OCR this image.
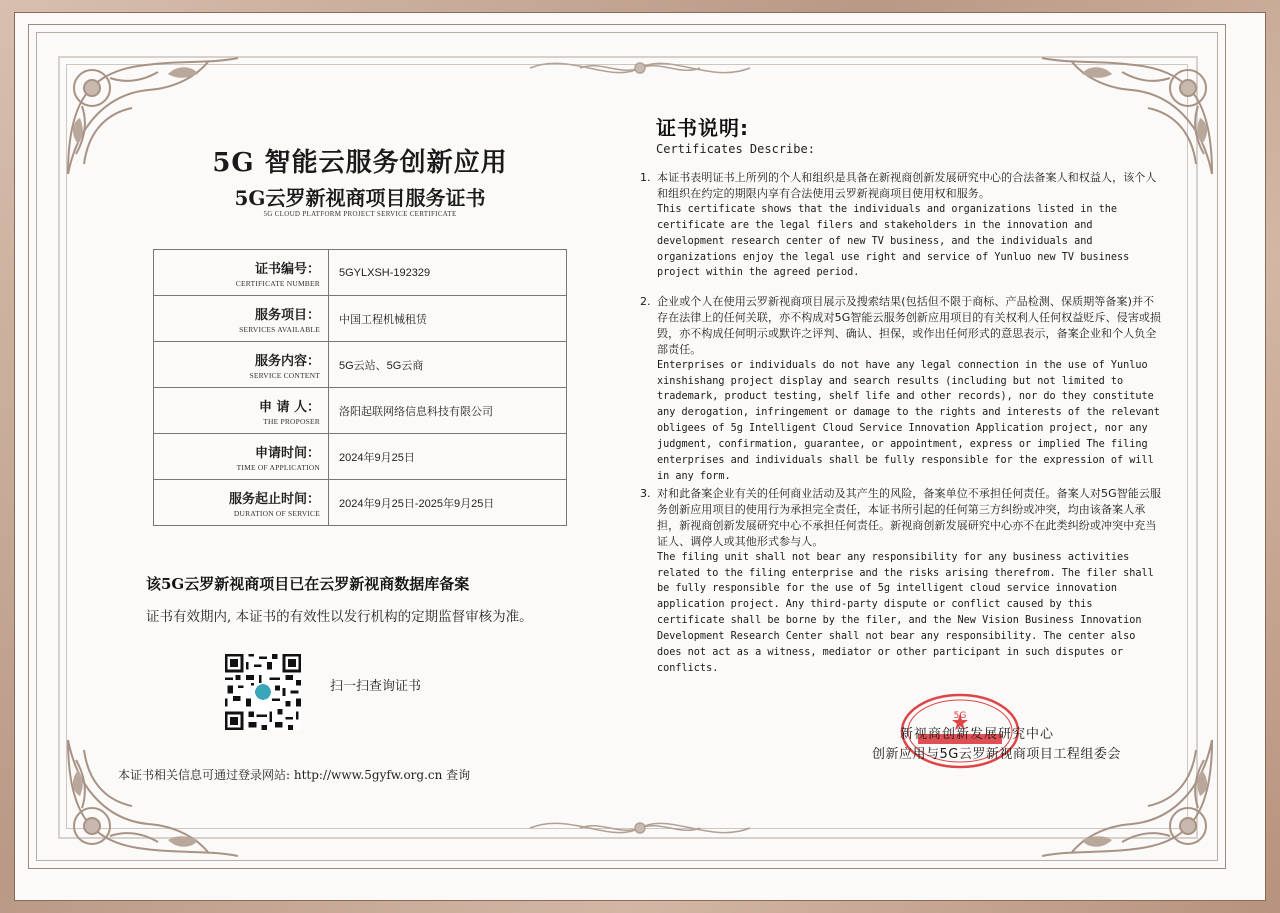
5G 智能云服务创新应用
5G云罗新视商项目服务证书
5G CLOUD PLATFORM PROJECT SERVICE CERTIFICATE
证书编号：
CERTIFICATE NUMBER	5GYLXSH-192329

服务项目：
SERVICES AVAILABLE	中国工程机械租赁

服务内容：
SERVICE CONTENT	5G云站、5G云商

申 请 人：
THE PROPOSER	洛阳起联网络信息科技有限公司

申请时间：
TIME OF APPLICATION	2024年9月25日

服务起止时间：
DURATION OF SERVICE	2024年9月25日-2025年9月25日
该5G云罗新视商项目已在云罗新视商数据库备案
证书有效期内, 本证书的有效性以发行机构的定期监督审核为准。
扫一扫查询证书
本证书相关信息可通过登录网站: http://www.5gyfw.org.cn 查询
证书说明:
Certificates Describe:
1. 本证书表明证书上所列的个人和组织是具备在新视商创新发展研究中心的合法备案人和权益人，该个人和组织在约定的期限内享有合法使用云罗新视商项目使用权和服务。
This certificate shows that the individuals and organizations listed in the certificate are the legal filers and stakeholders in the innovation and development research center of new TV business, and the individuals and organizations enjoy the legal use right and service of Yunluo new TV business project within the agreed period.
2. 企业或个人在使用云罗新视商项目展示及搜索结果(包括但不限于商标、产品检测、保质期等备案)并不存在法律上的任何关联，亦不构成对5G智能云服务创新应用项目的有关权利人任何权益贬斥、侵害或损毁，亦不构成任何明示或默许之评判、确认、担保，或作出任何形式的意思表示，备案企业和个人负全部责任。
Enterprises or individuals do not have any legal connection in the use of Yunluo xinshishang project display and search results (including but not limited to trademark, product testing, shelf life and other records), nor do they constitute any derogation, infringement or damage to the rights and interests of the relevant obligees of 5g Intelligent Cloud Service Innovation Application project, nor any judgment, confirmation, guarantee, or appointment, express or implied The filing enterprises and individuals shall be fully responsible for the expression of will in any form.
3. 对和此备案企业有关的任何商业活动及其产生的风险，备案单位不承担任何责任。备案人对5G智能云服务创新应用项目的使用行为承担完全责任，本证书所引起的任何第三方纠纷或冲突，均由该备案人承担，新视商创新发展研究中心不承担任何责任。新视商创新发展研究中心亦不在此类纠纷或冲突中充当证人、调停人或其他形式参与人。
The filing unit shall not bear any responsibility for any business activities related to the filing enterprise and the risks arising therefrom. The filer shall be fully responsible for the use of 5g intelligent cloud service innovation application project. Any third-party dispute or conflict caused by this certificate shall be borne by the filer, and the New Vision Business Innovation Development Research Center shall not bear any responsibility. The center also does not act as a witness, mediator or other participant in such disputes or conflicts.
5G
新视商创新发展研究中心
创新应用与5G云罗新视商项目工程组委会
